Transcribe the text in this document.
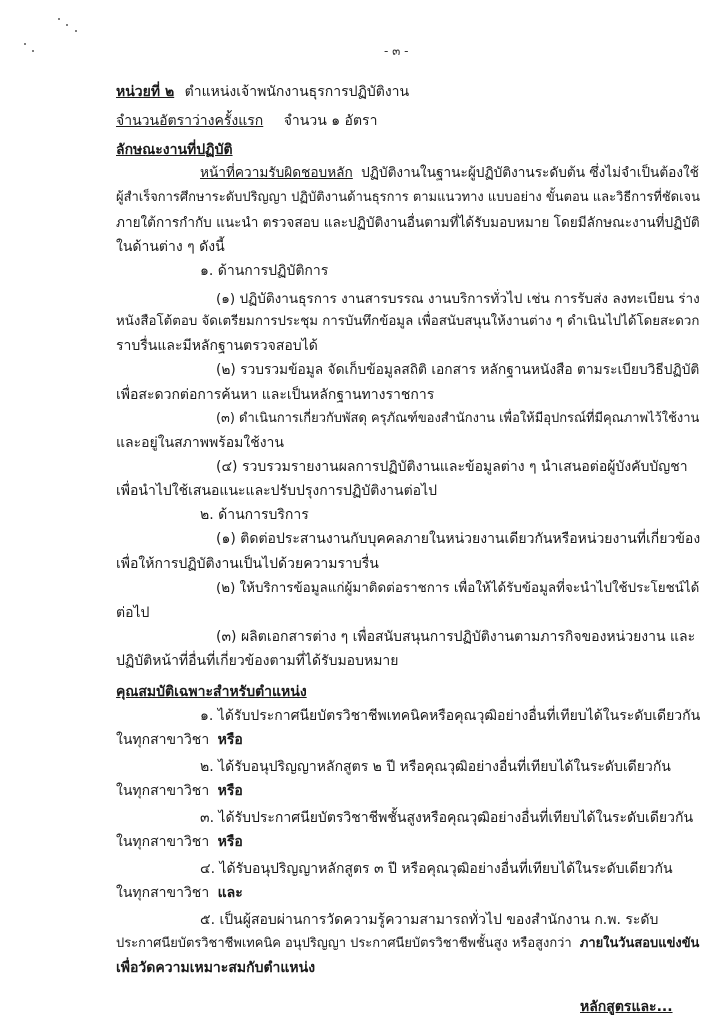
- ๓ -
หน่วยที่ ๒ ตำแหน่งเจ้าพนักงานธุรการปฏิบัติงาน
จำนวนอัตราว่างครั้งแรก จำนวน ๑ อัตรา
ลักษณะงานที่ปฏิบัติ
หน้าที่ความรับผิดชอบหลัก ปฏิบัติงานในฐานะผู้ปฏิบัติงานระดับต้น ซึ่งไม่จำเป็นต้องใช้
ผู้สำเร็จการศึกษาระดับปริญญา ปฏิบัติงานด้านธุรการ ตามแนวทาง แบบอย่าง ขั้นตอน และวิธีการที่ชัดเจน
ภายใต้การกำกับ แนะนำ ตรวจสอบ และปฏิบัติงานอื่นตามที่ได้รับมอบหมาย โดยมีลักษณะงานที่ปฏิบัติ
ในด้านต่าง ๆ ดังนี้
๑. ด้านการปฏิบัติการ
(๑) ปฏิบัติงานธุรการ งานสารบรรณ งานบริการทั่วไป เช่น การรับส่ง ลงทะเบียน ร่าง
หนังสือโต้ตอบ จัดเตรียมการประชุม การบันทึกข้อมูล เพื่อสนับสนุนให้งานต่าง ๆ ดำเนินไปได้โดยสะดวก
ราบรื่นและมีหลักฐานตรวจสอบได้
(๒) รวบรวมข้อมูล จัดเก็บข้อมูลสถิติ เอกสาร หลักฐานหนังสือ ตามระเบียบวิธีปฏิบัติ
เพื่อสะดวกต่อการค้นหา และเป็นหลักฐานทางราชการ
(๓) ดำเนินการเกี่ยวกับพัสดุ ครุภัณฑ์ของสำนักงาน เพื่อให้มีอุปกรณ์ที่มีคุณภาพไว้ใช้งาน
และอยู่ในสภาพพร้อมใช้งาน
(๔) รวบรวมรายงานผลการปฏิบัติงานและข้อมูลต่าง ๆ นำเสนอต่อผู้บังคับบัญชา
เพื่อนำไปใช้เสนอแนะและปรับปรุงการปฏิบัติงานต่อไป
๒. ด้านการบริการ
(๑) ติดต่อประสานงานกับบุคคลภายในหน่วยงานเดียวกันหรือหน่วยงานที่เกี่ยวข้อง
เพื่อให้การปฏิบัติงานเป็นไปด้วยความราบรื่น
(๒) ให้บริการข้อมูลแก่ผู้มาติดต่อราชการ เพื่อให้ได้รับข้อมูลที่จะนำไปใช้ประโยชน์ได้
ต่อไป
(๓) ผลิตเอกสารต่าง ๆ เพื่อสนับสนุนการปฏิบัติงานตามภารกิจของหน่วยงาน และ
ปฏิบัติหน้าที่อื่นที่เกี่ยวข้องตามที่ได้รับมอบหมาย
คุณสมบัติเฉพาะสำหรับตำแหน่ง
๑. ได้รับประกาศนียบัตรวิชาชีพเทคนิคหรือคุณวุฒิอย่างอื่นที่เทียบได้ในระดับเดียวกัน
ในทุกสาขาวิชา หรือ
๒. ได้รับอนุปริญญาหลักสูตร ๒ ปี หรือคุณวุฒิอย่างอื่นที่เทียบได้ในระดับเดียวกัน
ในทุกสาขาวิชา หรือ
๓. ได้รับประกาศนียบัตรวิชาชีพชั้นสูงหรือคุณวุฒิอย่างอื่นที่เทียบได้ในระดับเดียวกัน
ในทุกสาขาวิชา หรือ
๔. ได้รับอนุปริญญาหลักสูตร ๓ ปี หรือคุณวุฒิอย่างอื่นที่เทียบได้ในระดับเดียวกัน
ในทุกสาขาวิชา และ
๕. เป็นผู้สอบผ่านการวัดความรู้ความสามารถทั่วไป ของสำนักงาน ก.พ. ระดับ
ประกาศนียบัตรวิชาชีพเทคนิค อนุปริญญา ประกาศนียบัตรวิชาชีพชั้นสูง หรือสูงกว่า ภายในวันสอบแข่งขัน
เพื่อวัดความเหมาะสมกับตำแหน่ง
หลักสูตรและ...
